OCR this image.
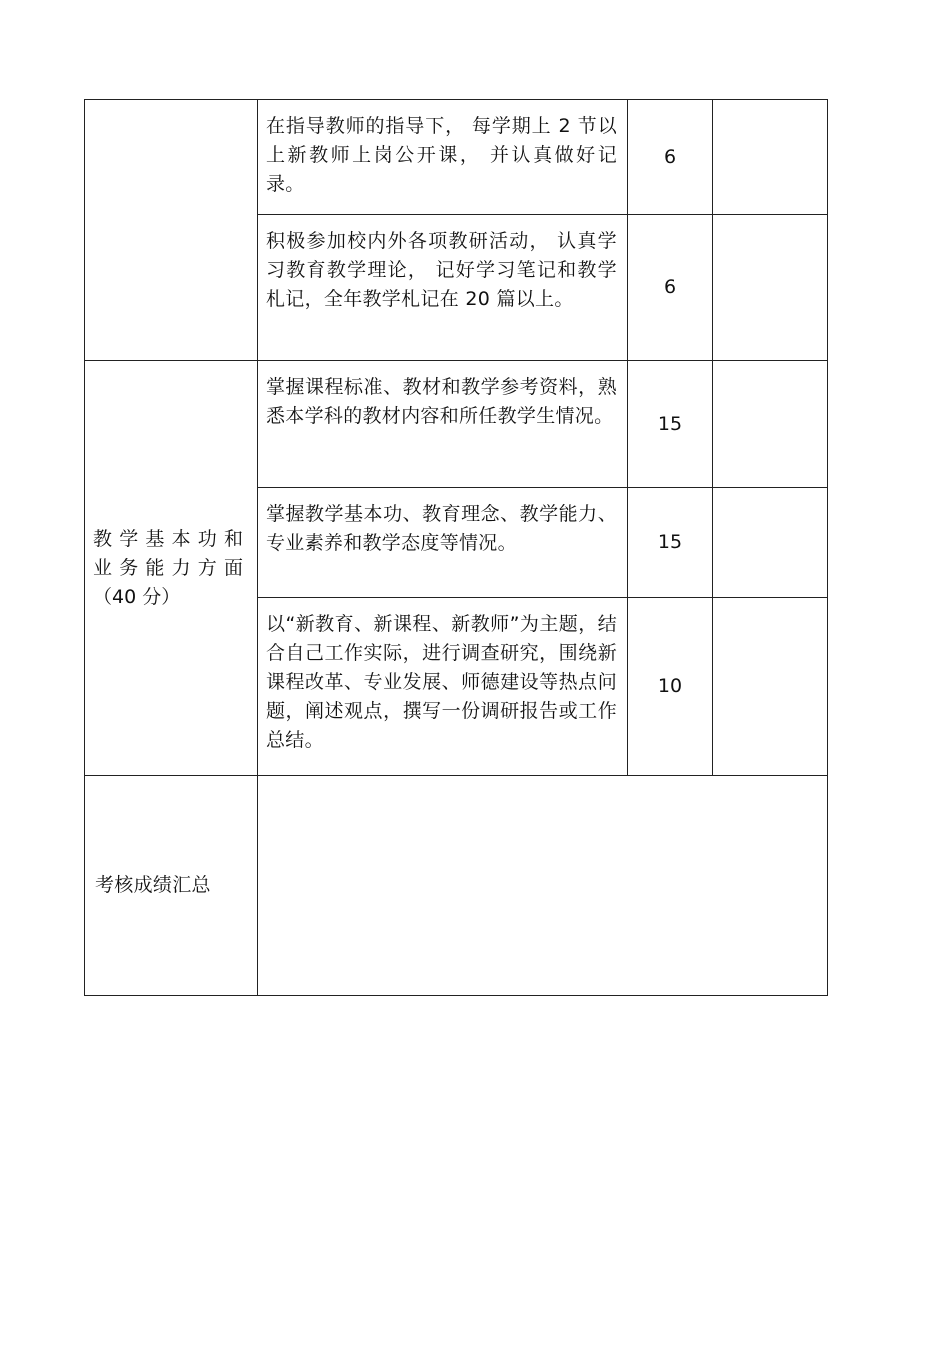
	在指导教师的指导下， 每学期上 2 节以上新教师上岗公开课， 并认真做好记录。	6	

	积极参加校内外各项教研活动， 认真学习教育教学理论， 记好学习笔记和教学札记，全年教学札记在 20 篇以上。	6	

教学基本功和
业务能力方面
（40 分）	掌握课程标准、教材和教学参考资料，熟悉本学科的教材内容和所任教学生情况。	15	

	掌握教学基本功、教育理念、教学能力、专业素养和教学态度等情况。	15	

	以“新教育、新课程、新教师”为主题，结合自己工作实际，进行调查研究，围绕新课程改革、专业发展、师德建设等热点问题，阐述观点，撰写一份调研报告或工作总结。	10	
考核成绩汇总			
